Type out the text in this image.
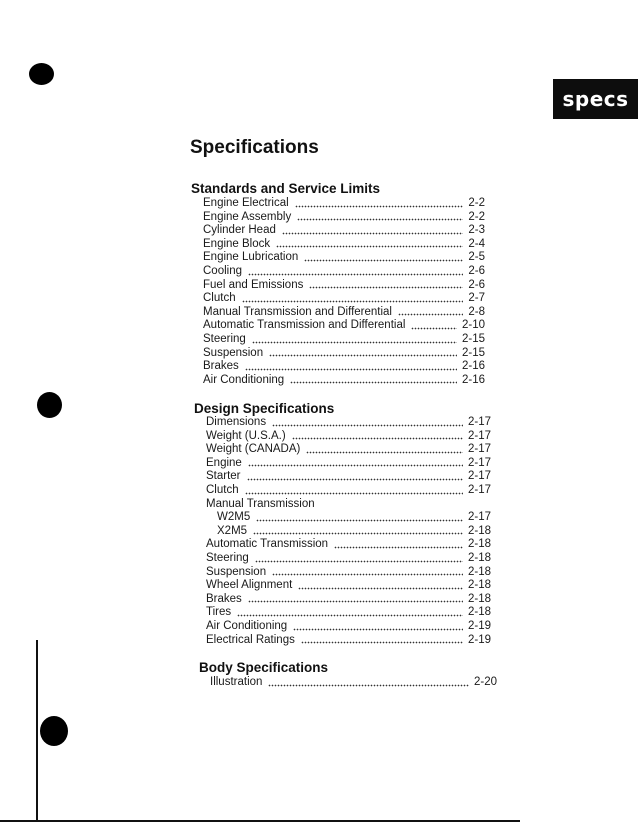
specs
Specifications
Standards and Service Limits
Engine Electrical	2-2
Engine Assembly	2-2
Cylinder Head	2-3
Engine Block	2-4
Engine Lubrication	2-5
Cooling	2-6
Fuel and Emissions	2-6
Clutch	2-7
Manual Transmission and Differential	2-8
Automatic Transmission and Differential	2-10
Steering	2-15
Suspension	2-15
Brakes	2-16
Air Conditioning	2-16
Design Specifications
Dimensions	2-17
Weight (U.S.A.)	2-17
Weight (CANADA)	2-17
Engine	2-17
Starter	2-17
Clutch	2-17
Manual Transmission
W2M5	2-17
X2M5	2-18
Automatic Transmission	2-18
Steering	2-18
Suspension	2-18
Wheel Alignment	2-18
Brakes	2-18
Tires	2-18
Air Conditioning	2-19
Electrical Ratings	2-19
Body Specifications
Illustration	2-20
